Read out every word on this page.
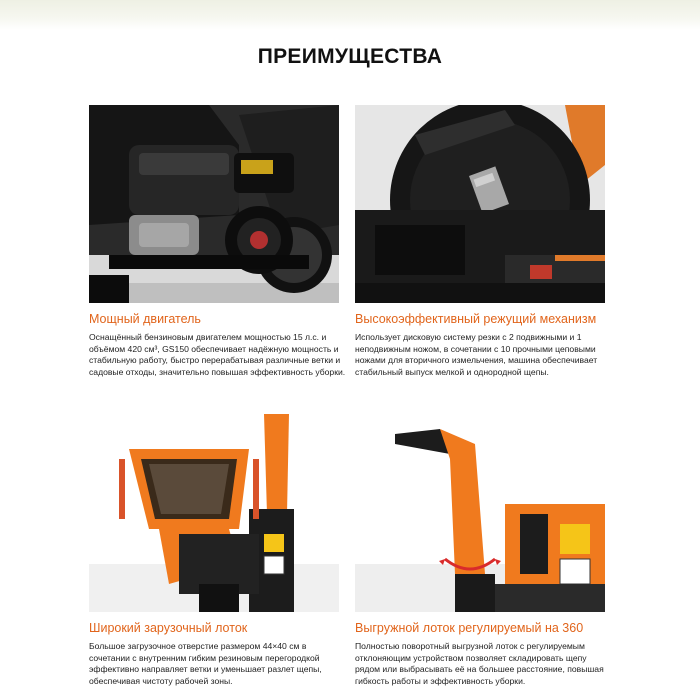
ПРЕИМУЩЕСТВА
Мощный двигатель
Оснащённый бензиновым двигателем мощностью 15 л.с. и объёмом 420 см³, GS150 обеспечивает надёжную мощность и стабильную работу, быстро перерабатывая различные ветки и садовые отходы, значительно повышая эффективность уборки.
Высокоэффективный режущий механизм
Использует дисковую систему резки с 2 подвижными и 1 неподвижным ножом, в сочетании с 10 прочными цеповыми ножами для вторичного измельчения, машина обеспечивает стабильный выпуск мелкой и однородной щепы.
Широкий зарузочный лоток
Большое загрузочное отверстие размером 44×40 см в сочетании с внутренним гибким резиновым перегородкой эффективно направляет ветки и уменьшает разлет щепы, обеспечивая чистоту рабочей зоны.
Выгружной лоток регулируемый на 360
Полностью поворотный выгрузной лоток с регулируемым отклоняющим устройством позволяет складировать щепу рядом или выбрасывать её на большее расстояние, повышая гибкость работы и эффективность уборки.
